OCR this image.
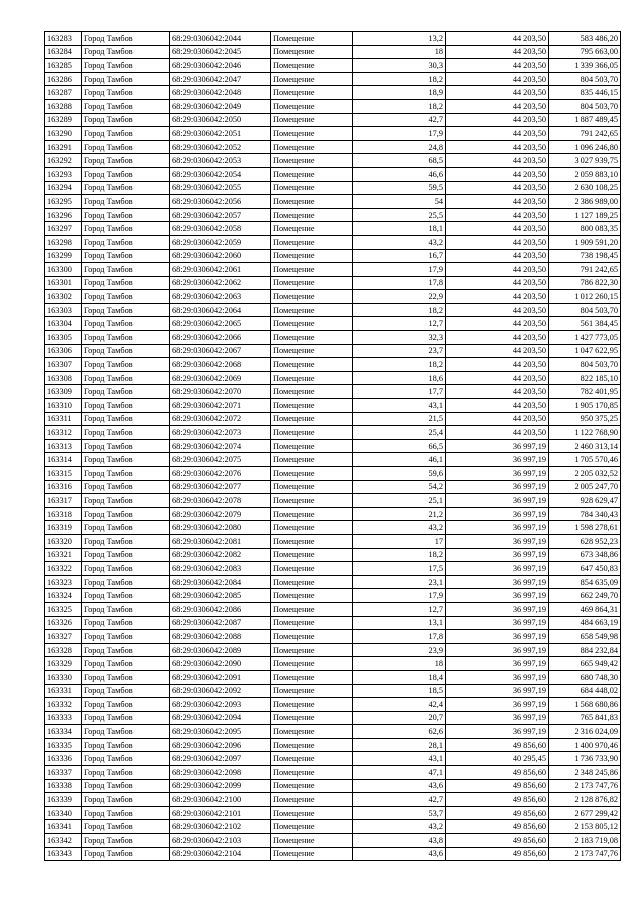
163283	Город Тамбов	68:29:0306042:2044	Помещение	13,2	44 203,50	583 486,20
163284	Город Тамбов	68:29:0306042:2045	Помещение	18	44 203,50	795 663,00
163285	Город Тамбов	68:29:0306042:2046	Помещение	30,3	44 203,50	1 339 366,05
163286	Город Тамбов	68:29:0306042:2047	Помещение	18,2	44 203,50	804 503,70
163287	Город Тамбов	68:29:0306042:2048	Помещение	18,9	44 203,50	835 446,15
163288	Город Тамбов	68:29:0306042:2049	Помещение	18,2	44 203,50	804 503,70
163289	Город Тамбов	68:29:0306042:2050	Помещение	42,7	44 203,50	1 887 489,45
163290	Город Тамбов	68:29:0306042:2051	Помещение	17,9	44 203,50	791 242,65
163291	Город Тамбов	68:29:0306042:2052	Помещение	24,8	44 203,50	1 096 246,80
163292	Город Тамбов	68:29:0306042:2053	Помещение	68,5	44 203,50	3 027 939,75
163293	Город Тамбов	68:29:0306042:2054	Помещение	46,6	44 203,50	2 059 883,10
163294	Город Тамбов	68:29:0306042:2055	Помещение	59,5	44 203,50	2 630 108,25
163295	Город Тамбов	68:29:0306042:2056	Помещение	54	44 203,50	2 386 989,00
163296	Город Тамбов	68:29:0306042:2057	Помещение	25,5	44 203,50	1 127 189,25
163297	Город Тамбов	68:29:0306042:2058	Помещение	18,1	44 203,50	800 083,35
163298	Город Тамбов	68:29:0306042:2059	Помещение	43,2	44 203,50	1 909 591,20
163299	Город Тамбов	68:29:0306042:2060	Помещение	16,7	44 203,50	738 198,45
163300	Город Тамбов	68:29:0306042:2061	Помещение	17,9	44 203,50	791 242,65
163301	Город Тамбов	68:29:0306042:2062	Помещение	17,8	44 203,50	786 822,30
163302	Город Тамбов	68:29:0306042:2063	Помещение	22,9	44 203,50	1 012 260,15
163303	Город Тамбов	68:29:0306042:2064	Помещение	18,2	44 203,50	804 503,70
163304	Город Тамбов	68:29:0306042:2065	Помещение	12,7	44 203,50	561 384,45
163305	Город Тамбов	68:29:0306042:2066	Помещение	32,3	44 203,50	1 427 773,05
163306	Город Тамбов	68:29:0306042:2067	Помещение	23,7	44 203,50	1 047 622,95
163307	Город Тамбов	68:29:0306042:2068	Помещение	18,2	44 203,50	804 503,70
163308	Город Тамбов	68:29:0306042:2069	Помещение	18,6	44 203,50	822 185,10
163309	Город Тамбов	68:29:0306042:2070	Помещение	17,7	44 203,50	782 401,95
163310	Город Тамбов	68:29:0306042:2071	Помещение	43,1	44 203,50	1 905 170,85
163311	Город Тамбов	68:29:0306042:2072	Помещение	21,5	44 203,50	950 375,25
163312	Город Тамбов	68:29:0306042:2073	Помещение	25,4	44 203,50	1 122 768,90
163313	Город Тамбов	68:29:0306042:2074	Помещение	66,5	36 997,19	2 460 313,14
163314	Город Тамбов	68:29:0306042:2075	Помещение	46,1	36 997,19	1 705 570,46
163315	Город Тамбов	68:29:0306042:2076	Помещение	59,6	36 997,19	2 205 032,52
163316	Город Тамбов	68:29:0306042:2077	Помещение	54,2	36 997,19	2 005 247,70
163317	Город Тамбов	68:29:0306042:2078	Помещение	25,1	36 997,19	928 629,47
163318	Город Тамбов	68:29:0306042:2079	Помещение	21,2	36 997,19	784 340,43
163319	Город Тамбов	68:29:0306042:2080	Помещение	43,2	36 997,19	1 598 278,61
163320	Город Тамбов	68:29:0306042:2081	Помещение	17	36 997,19	628 952,23
163321	Город Тамбов	68:29:0306042:2082	Помещение	18,2	36 997,19	673 348,86
163322	Город Тамбов	68:29:0306042:2083	Помещение	17,5	36 997,19	647 450,83
163323	Город Тамбов	68:29:0306042:2084	Помещение	23,1	36 997,19	854 635,09
163324	Город Тамбов	68:29:0306042:2085	Помещение	17,9	36 997,19	662 249,70
163325	Город Тамбов	68:29:0306042:2086	Помещение	12,7	36 997,19	469 864,31
163326	Город Тамбов	68:29:0306042:2087	Помещение	13,1	36 997,19	484 663,19
163327	Город Тамбов	68:29:0306042:2088	Помещение	17,8	36 997,19	658 549,98
163328	Город Тамбов	68:29:0306042:2089	Помещение	23,9	36 997,19	884 232,84
163329	Город Тамбов	68:29:0306042:2090	Помещение	18	36 997,19	665 949,42
163330	Город Тамбов	68:29:0306042:2091	Помещение	18,4	36 997,19	680 748,30
163331	Город Тамбов	68:29:0306042:2092	Помещение	18,5	36 997,19	684 448,02
163332	Город Тамбов	68:29:0306042:2093	Помещение	42,4	36 997,19	1 568 680,86
163333	Город Тамбов	68:29:0306042:2094	Помещение	20,7	36 997,19	765 841,83
163334	Город Тамбов	68:29:0306042:2095	Помещение	62,6	36 997,19	2 316 024,09
163335	Город Тамбов	68:29:0306042:2096	Помещение	28,1	49 856,60	1 400 970,46
163336	Город Тамбов	68:29:0306042:2097	Помещение	43,1	40 295,45	1 736 733,90
163337	Город Тамбов	68:29:0306042:2098	Помещение	47,1	49 856,60	2 348 245,86
163338	Город Тамбов	68:29:0306042:2099	Помещение	43,6	49 856,60	2 173 747,76
163339	Город Тамбов	68:29:0306042:2100	Помещение	42,7	49 856,60	2 128 876,82
163340	Город Тамбов	68:29:0306042:2101	Помещение	53,7	49 856,60	2 677 299,42
163341	Город Тамбов	68:29:0306042:2102	Помещение	43,2	49 856,60	2 153 805,12
163342	Город Тамбов	68:29:0306042:2103	Помещение	43,8	49 856,60	2 183 719,08
163343	Город Тамбов	68:29:0306042:2104	Помещение	43,6	49 856,60	2 173 747,76
